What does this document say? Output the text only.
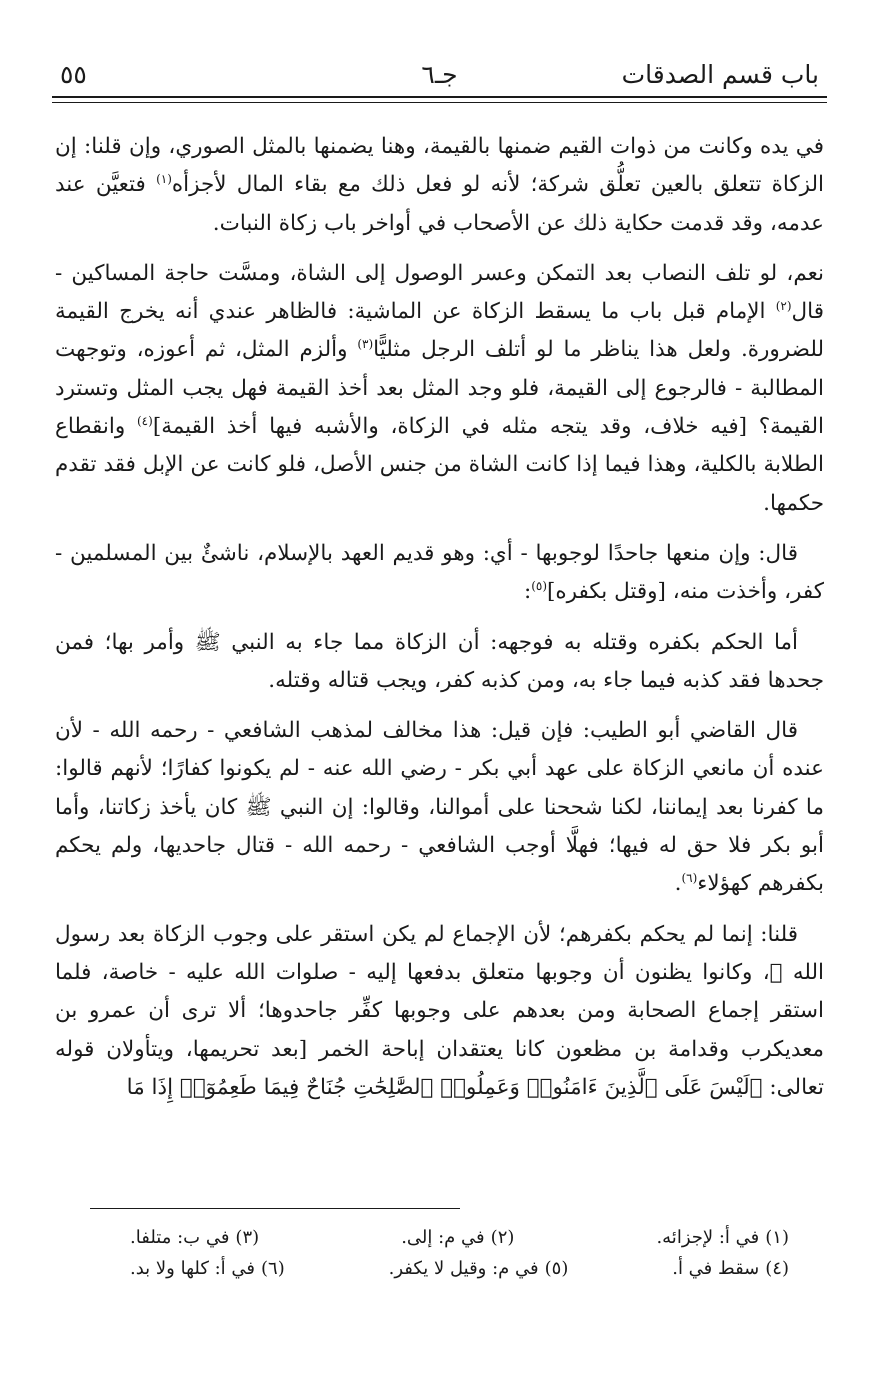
باب قسم الصدقات
جـ٦
٥٥

في يده وكانت من ذوات القيم ضمنها بالقيمة، وهنا يضمنها بالمثل الصوري، وإن قلنا: إن الزكاة تتعلق بالعين تعلُّق شركة؛ لأنه لو فعل ذلك مع بقاء المال لأجزأه$^{(١)}$ فتعيَّن عند عدمه، وقد قدمت حكاية ذلك عن الأصحاب في أواخر باب زكاة النبات.

نعم، لو تلف النصاب بعد التمكن وعسر الوصول إلى الشاة، ومسَّت حاجة المساكين - قال$^{(٢)}$ الإمام قبل باب ما يسقط الزكاة عن الماشية: فالظاهر عندي أنه يخرج القيمة للضرورة. ولعل هذا يناظر ما لو أتلف الرجل مثليًّا$^{(٣)}$ وألزم المثل، ثم أعوزه، وتوجهت المطالبة - فالرجوع إلى القيمة، فلو وجد المثل بعد أخذ القيمة فهل يجب المثل وتسترد القيمة؟ [فيه خلاف، وقد يتجه مثله في الزكاة، والأشبه فيها أخذ القيمة]$^{(٤)}$ وانقطاع الطلابة بالكلية، وهذا فيما إذا كانت الشاة من جنس الأصل، فلو كانت عن الإبل فقد تقدم حكمها.

قال: وإن منعها جاحدًا لوجوبها - أي: وهو قديم العهد بالإسلام، ناشئٌ بين المسلمين - كفر، وأخذت منه، [وقتل بكفره]$^{(٥)}$:

أما الحكم بكفره وقتله به فوجهه: أن الزكاة مما جاء به النبي ﷺ وأمر بها؛ فمن جحدها فقد كذبه فيما جاء به، ومن كذبه كفر، ويجب قتاله وقتله.

قال القاضي أبو الطيب: فإن قيل: هذا مخالف لمذهب الشافعي - رحمه الله - لأن عنده أن مانعي الزكاة على عهد أبي بكر - رضي الله عنه - لم يكونوا كفارًا؛ لأنهم قالوا: ما كفرنا بعد إيماننا، لكنا شححنا على أموالنا، وقالوا: إن النبي ﷺ كان يأخذ زكاتنا، وأما أبو بكر فلا حق له فيها؛ فهلَّا أوجب الشافعي - رحمه الله - قتال جاحديها، ولم يحكم بكفرهم كهؤلاء$^{(٦)}$.

قلنا: إنما لم يحكم بكفرهم؛ لأن الإجماع لم يكن استقر على وجوب الزكاة بعد رسول الله ﷺ، وكانوا يظنون أن وجوبها متعلق بدفعها إليه - صلوات الله عليه - خاصة، فلما استقر إجماع الصحابة ومن بعدهم على وجوبها كفِّر جاحدوها؛ ألا ترى أن عمرو بن معديكرب وقدامة بن مظعون كانا يعتقدان إباحة الخمر [بعد تحريمها، ويتأولان قوله تعالى: ﴿لَيْسَ عَلَى ٱلَّذِينَ ءَامَنُوا۟ وَعَمِلُوا۟ ٱلصَّٰلِحَٰتِ جُنَاحٌ فِيمَا طَعِمُوٓا۟ إِذَا مَا

(١)في أ: لإجزائه.
(٢)في م: إلى.
(٣)في ب: متلفا.
(٤)سقط في أ.
(٥)في م: وقيل لا يكفر.
(٦)في أ: كلها ولا بد.
